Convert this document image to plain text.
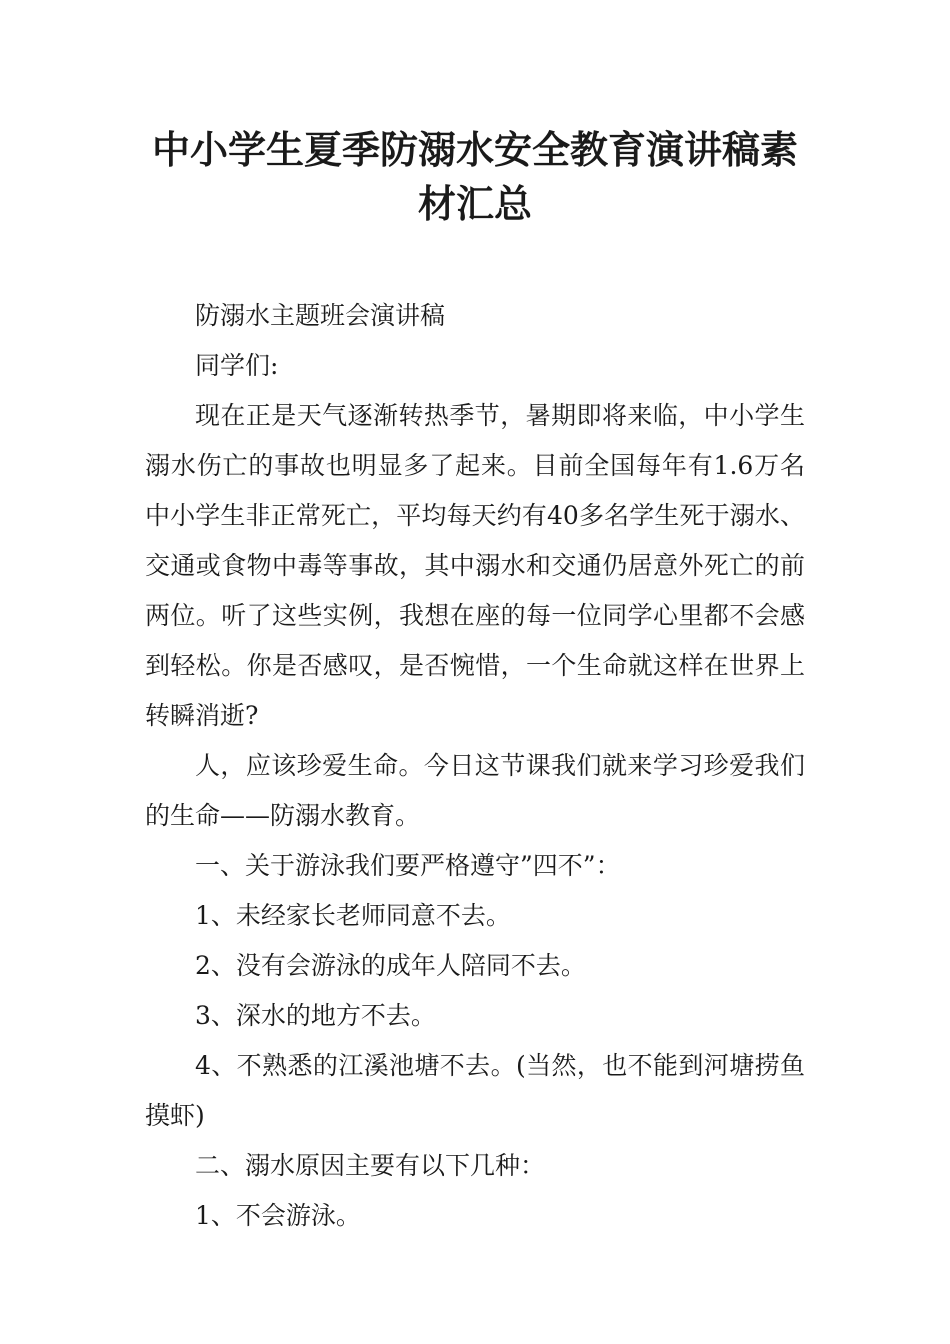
中小学生夏季防溺水安全教育演讲稿素材汇总

防溺水主题班会演讲稿

同学们:

现在正是天气逐渐转热季节，暑期即将来临，中小学生溺水伤亡的事故也明显多了起来。目前全国每年有1.6万名中小学生非正常死亡，平均每天约有40多名学生死于溺水、交通或食物中毒等事故，其中溺水和交通仍居意外死亡的前两位。听了这些实例，我想在座的每一位同学心里都不会感到轻松。你是否感叹，是否惋惜，一个生命就这样在世界上转瞬消逝?

人，应该珍爱生命。今日这节课我们就来学习珍爱我们的生命——防溺水教育。

一、关于游泳我们要严格遵守”四不”：

1、未经家长老师同意不去。

2、没有会游泳的成年人陪同不去。

3、深水的地方不去。

4、不熟悉的江溪池塘不去。(当然，也不能到河塘捞鱼摸虾)

二、溺水原因主要有以下几种：

1、不会游泳。
